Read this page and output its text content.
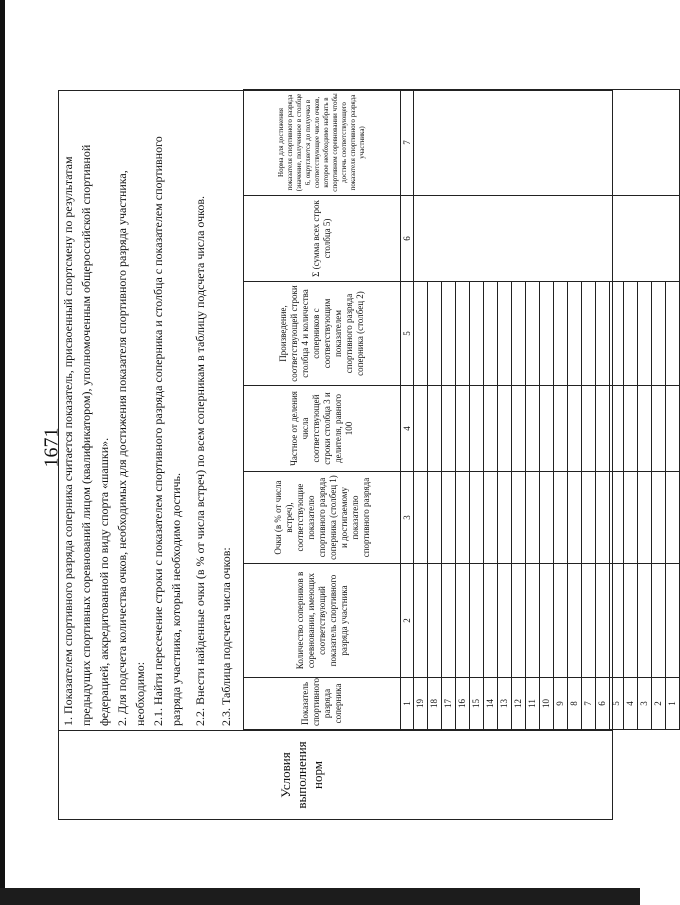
1671
Условия выполнения норм
1. Показателем спортивного разряда соперника считается показатель, присвоенный спортсмену по результатам предыдущих спортивных соревнований лицом (квалификатором), уполномоченным общероссийской спортивной федерацией, аккредитованной по виду спорта «шашки». 2. Для подсчета количества очков, необходимых для достижения показателя спортивного разряда участника, необходимо: 2.1. Найти пересечение строки с показателем спортивного разряда соперника и столбца с показателем спортивного разряда участника, который необходимо достичь. 2.2. Внести найденные очки (в % от числа встреч) по всем соперникам в таблицу подсчета числа очков. 2.3. Таблица подсчета числа очков:	Показатель спортивного разряда соперника	Количество соперников в соревновании, имеющих соответствующий показатель спортивного разряда участника	Очки (в % от числа встреч), соответствующие показателю спортивного разряда соперника (столбец 1) и достигаемому показателю спортивного разряда	Частное от деления числа соответствующей строки столбца 3 и делителя, равного 100	Произведение, соответствующей строки столбца 4 и количества соперников с соответствующим показателем спортивного разряда соперника (столбец 2)	Σ (сумма всех строк столбца 5)	Норма для достижения показателя спортивного разряда (значение, полученное в столбце 6, округляется до полуочка в соответствующее число очков, которое необходимо набрать в спортивном соревновании чтобы достичь соответствующего показателя спортивного разряда участника)
1	2	3	4	5	6	7
19						
18						
17						
16						
15						
14						
13						
12						
11						
10						
9						
8						
7						
6						
5						
4						
3						
2						
1						
